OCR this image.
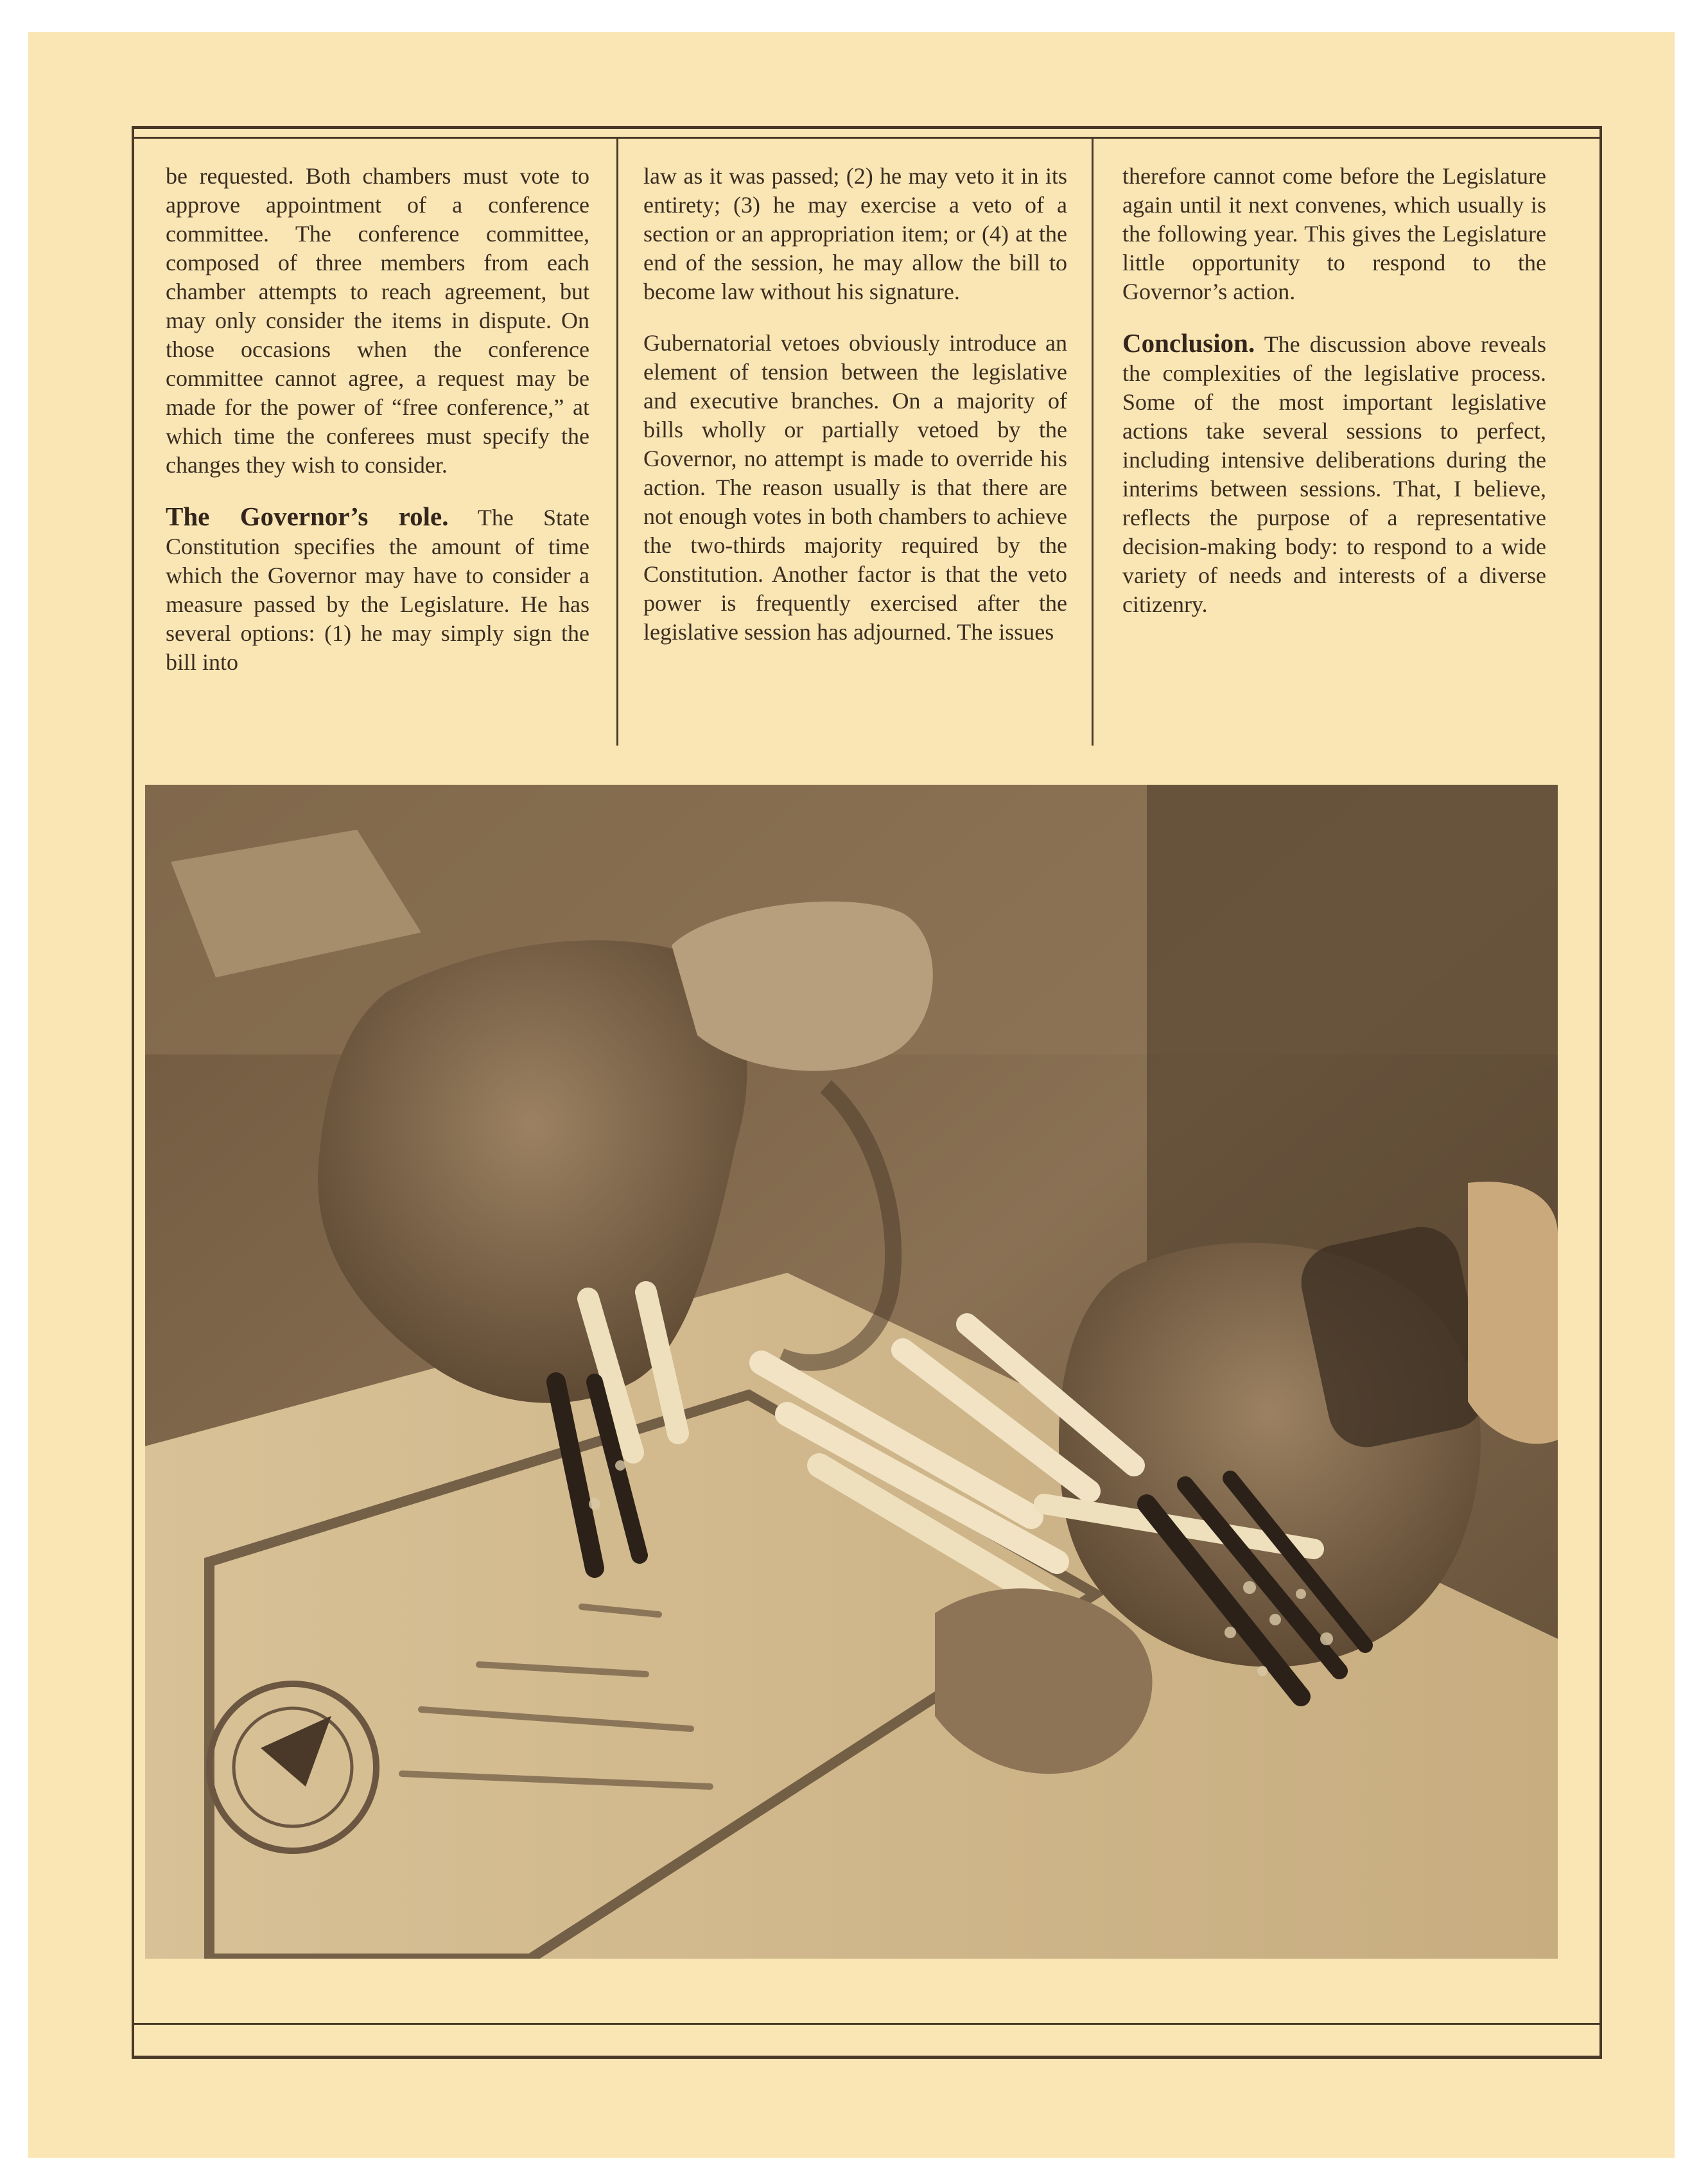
be requested. Both chambers must vote to approve appointment of a conference committee. The conference committee, composed of three members from each chamber attempts to reach agreement, but may only consider the items in dispute. On those occasions when the conference committee cannot agree, a request may be made for the power of “free conference,” at which time the conferees must specify the changes they wish to consider.

The Governor’s role. The State Constitution specifies the amount of time which the Governor may have to consider a measure passed by the Legislature. He has several options: (1) he may simply sign the bill into

law as it was passed; (2) he may veto it in its entirety; (3) he may exercise a veto of a section or an appropriation item; or (4) at the end of the session, he may allow the bill to become law without his signature.

Gubernatorial vetoes obviously introduce an element of tension between the legislative and executive branches. On a majority of bills wholly or partially vetoed by the Governor, no attempt is made to override his action. The reason usually is that there are not enough votes in both chambers to achieve the two-thirds majority required by the Constitution. Another factor is that the veto power is frequently exercised after the legislative session has adjourned. The issues

therefore cannot come before the Legislature again until it next convenes, which usually is the following year. This gives the Legislature little opportunity to respond to the Governor’s action.

Conclusion. The discussion above reveals the complexities of the legislative process. Some of the most important legislative actions take several sessions to perfect, including intensive deliberations during the interims between sessions. That, I believe, reflects the purpose of a representative decision-making body: to respond to a wide variety of needs and interests of a diverse citizenry.
